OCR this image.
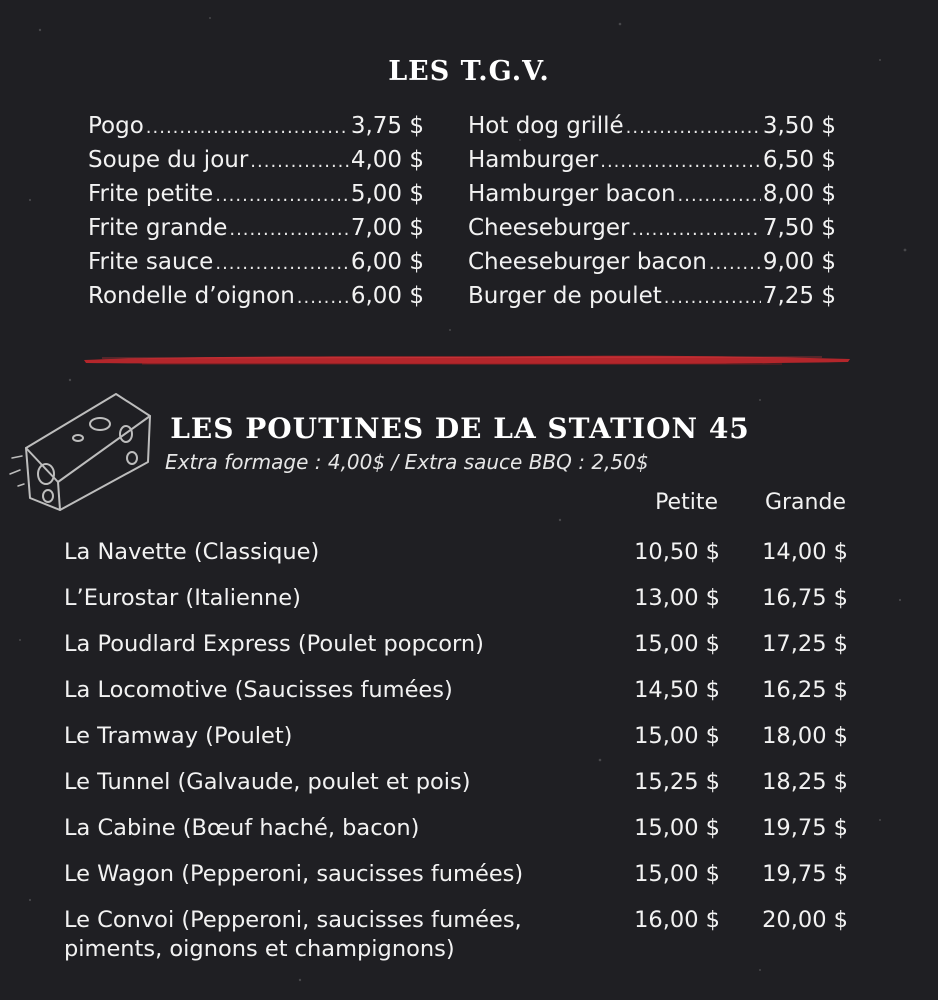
LES T.G.V.
Pogo .....	3,75 $
Soupe du jour .....	4,00 $
Frite petite .....	5,00 $
Frite grande .....	7,00 $
Frite sauce .....	6,00 $
Rondelle d’oignon ..... 6,00 $
Hot dog grillé .....	3,50 $
Hamburger .....	6,50 $
Hamburger bacon .....	8,00 $
Cheeseburger .....	7,50 $
Cheeseburger bacon ..... 9,00 $
Burger de poulet .....	7,25 $
LES POUTINES DE LA STATION 45
Extra formage : 4,00$ / Extra sauce BBQ : 2,50$
Petite	Grande
La Navette (Classique)	10,50 $ 14,00 $
L’Eurostar (Italienne)	13,00 $ 16,75 $
La Poudlard Express (Poulet popcorn)	15,00 $ 17,25 $
La Locomotive (Saucisses fumées)	14,50 $ 16,25 $
Le Tramway (Poulet)	15,00 $ 18,00 $
Le Tunnel (Galvaude, poulet et pois)	15,25 $ 18,25 $
La Cabine (Bœuf haché, bacon)	15,00 $ 19,75 $
Le Wagon (Pepperoni, saucisses fumées)	15,00 $ 19,75 $
Le Convoi (Pepperoni, saucisses fumées, piments, oignons et champignons)
16,00 $ 20,00 $
